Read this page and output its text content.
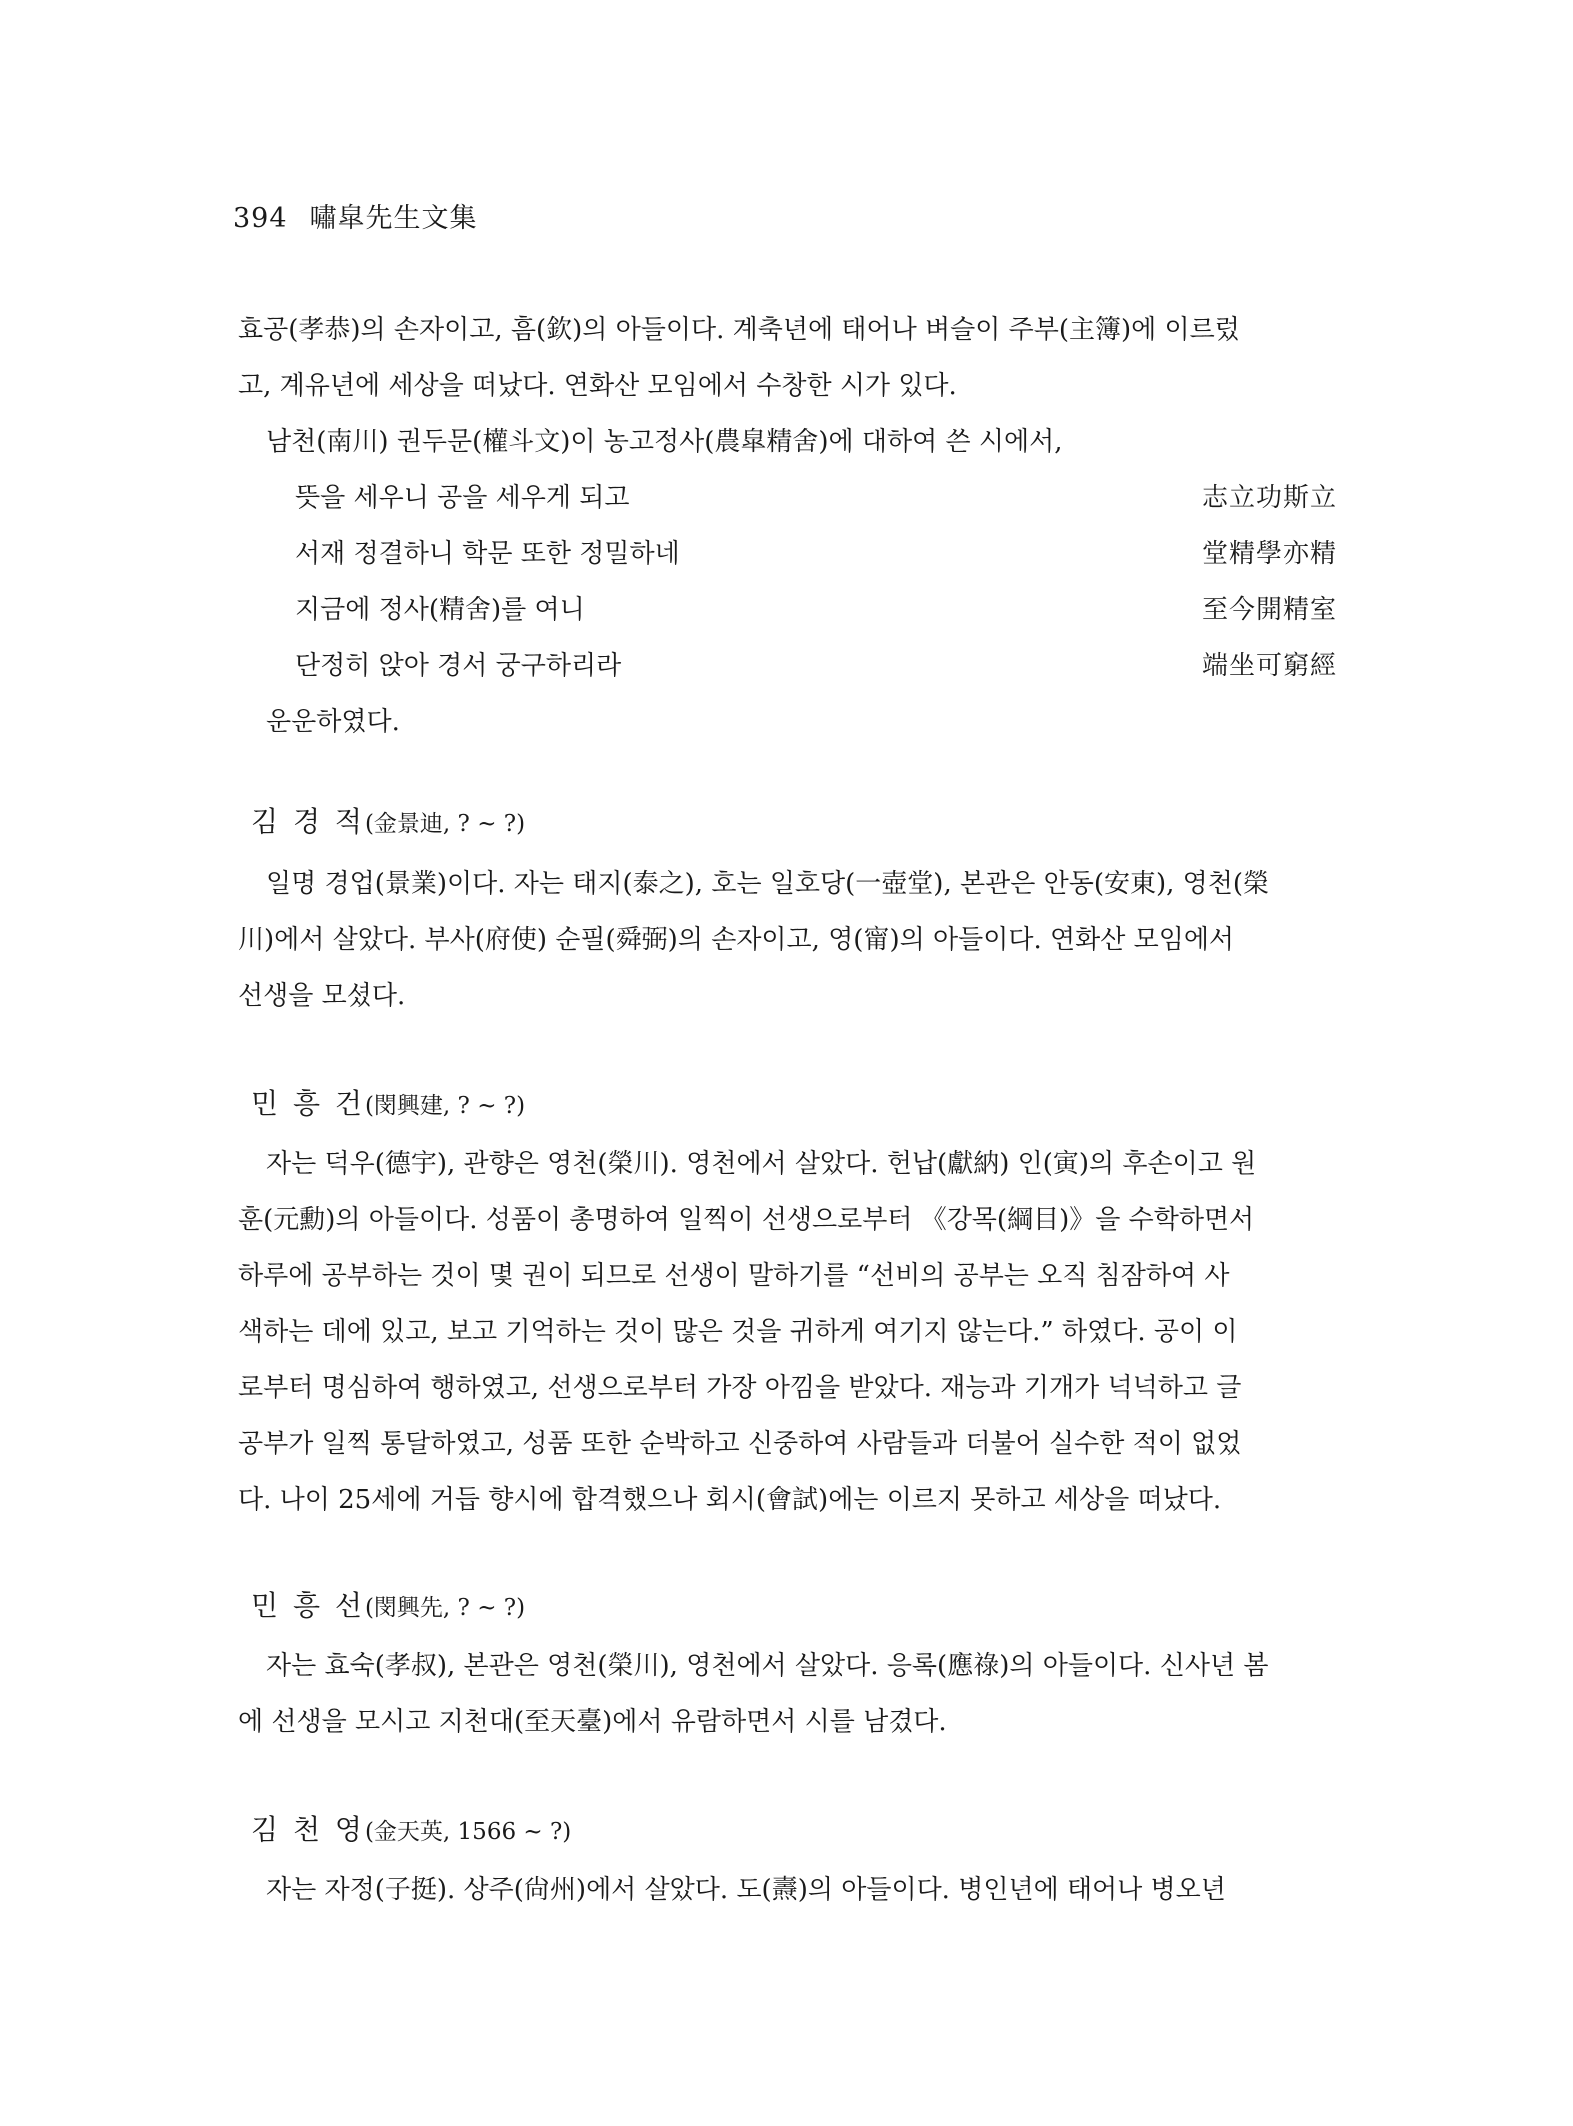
394 嘯皐先生文集

효공(孝恭)의 손자이고, 흠(欽)의 아들이다. 계축년에 태어나 벼슬이 주부(主簿)에 이르렀

고, 계유년에 세상을 떠났다. 연화산 모임에서 수창한 시가 있다.

남천(南川) 권두문(權斗文)이 농고정사(農皐精舍)에 대하여 쓴 시에서,

뜻을 세우니 공을 세우게 되고	志立功斯立
서재 정결하니 학문 또한 정밀하네	堂精學亦精
지금에 정사(精舍)를 여니	至今開精室
단정히 앉아 경서 궁구하리라	端坐可窮經

운운하였다.

김 경 적(金景迪, ? ~ ?)

일명 경업(景業)이다. 자는 태지(泰之), 호는 일호당(一壺堂), 본관은 안동(安東), 영천(榮

川)에서 살았다. 부사(府使) 순필(舜弼)의 손자이고, 영(甯)의 아들이다. 연화산 모임에서

선생을 모셨다.

민 흥 건(閔興建, ? ~ ?)

자는 덕우(德宇), 관향은 영천(榮川). 영천에서 살았다. 헌납(獻納) 인(寅)의 후손이고 원

훈(元勳)의 아들이다. 성품이 총명하여 일찍이 선생으로부터 《강목(綱目)》을 수학하면서

하루에 공부하는 것이 몇 권이 되므로 선생이 말하기를 “선비의 공부는 오직 침잠하여 사

색하는 데에 있고, 보고 기억하는 것이 많은 것을 귀하게 여기지 않는다.” 하였다. 공이 이

로부터 명심하여 행하였고, 선생으로부터 가장 아낌을 받았다. 재능과 기개가 넉넉하고 글

공부가 일찍 통달하였고, 성품 또한 순박하고 신중하여 사람들과 더불어 실수한 적이 없었

다. 나이 25세에 거듭 향시에 합격했으나 회시(會試)에는 이르지 못하고 세상을 떠났다.

민 흥 선(閔興先, ? ~ ?)

자는 효숙(孝叔), 본관은 영천(榮川), 영천에서 살았다. 응록(應祿)의 아들이다. 신사년 봄

에 선생을 모시고 지천대(至天臺)에서 유람하면서 시를 남겼다.

김 천 영(金天英, 1566 ~ ?)

자는 자정(子挺). 상주(尙州)에서 살았다. 도(燾)의 아들이다. 병인년에 태어나 병오년
